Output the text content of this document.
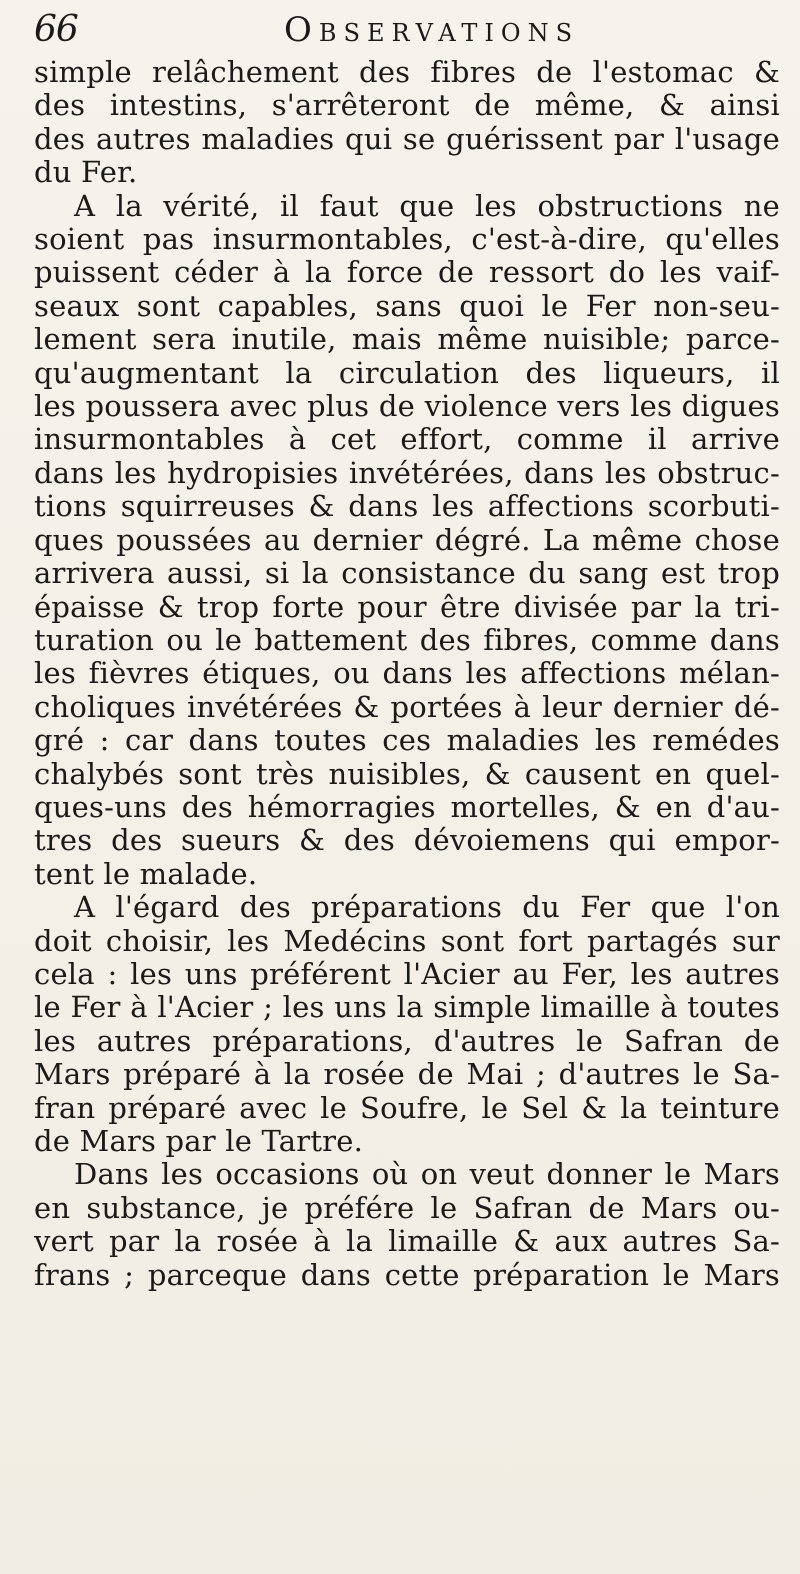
66	Observations
simple relâchement des fibres de l'estomac &
des intestins, s'arrêteront de même, & ainsi
des autres maladies qui se guérissent par l'usage
du Fer.
A la vérité, il faut que les obstructions ne
soient pas insurmontables, c'est-à-dire, qu'elles
puissent céder à la force de ressort do les vaif-
seaux sont capables, sans quoi le Fer non-seu-
lement sera inutile, mais même nuisible; parce-
qu'augmentant la circulation des liqueurs, il
les poussera avec plus de violence vers les digues
insurmontables à cet effort, comme il arrive
dans les hydropisies invétérées, dans les obstruc-
tions squirreuses & dans les affections scorbuti-
ques poussées au dernier dégré. La même chose
arrivera aussi, si la consistance du sang est trop
épaisse & trop forte pour être divisée par la tri-
turation ou le battement des fibres, comme dans
les fièvres étiques, ou dans les affections mélan-
choliques invétérées & portées à leur dernier dé-
gré : car dans toutes ces maladies les remédes
chalybés sont très nuisibles, & causent en quel-
ques-uns des hémorragies mortelles, & en d'au-
tres des sueurs & des dévoiemens qui empor-
tent le malade.
A l'égard des préparations du Fer que l'on
doit choisir, les Medécins sont fort partagés sur
cela : les uns préférent l'Acier au Fer, les autres
le Fer à l'Acier ; les uns la simple limaille à toutes
les autres préparations, d'autres le Safran de
Mars préparé à la rosée de Mai ; d'autres le Sa-
fran préparé avec le Soufre, le Sel & la teinture
de Mars par le Tartre.
Dans les occasions où on veut donner le Mars
en substance, je préfére le Safran de Mars ou-
vert par la rosée à la limaille & aux autres Sa-
frans ; parceque dans cette préparation le Mars
